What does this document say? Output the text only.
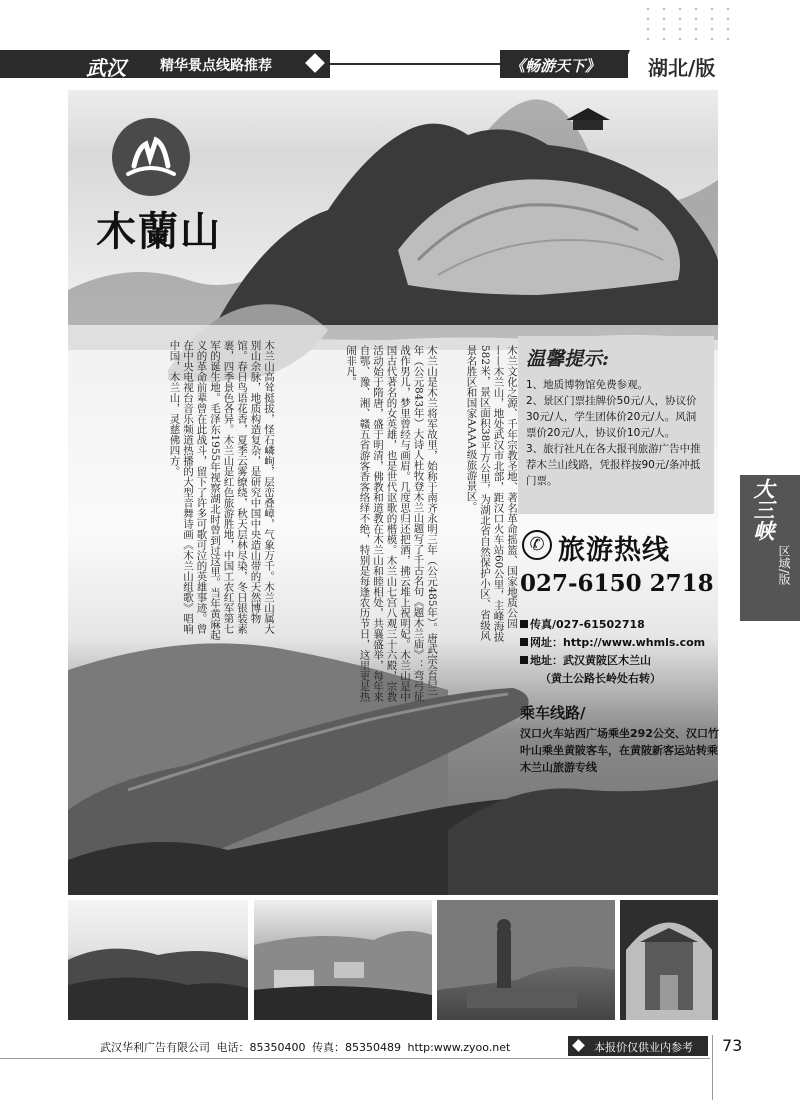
武汉 精华景点线路推荐	《畅游天下》 湖北/版
木蘭山
木兰文化之源、千年宗教圣地、著名革命摇篮、国家地质公园——木兰山，地处武汉市北部，距汉口火车站60公里，主峰海拔582米，景区面积38平方公里，为湖北省自然保护小区、省级风景名胜区和国家AAAA级旅游景区。
木兰山是木兰将军故里，始称于南齐永明三年（公元485年）。唐武宗会昌三年（公元843年）大诗人杜牧登木兰山题写了千古名句《题木兰庙》：弯弓征战作男儿，梦里曾经与画眉。几度思归还把酒，拂云堆上祝明妃。木兰山是中国古代著名的女英雄，也是世代讴歌的楷模。木兰山七宫八观三十六殿，宗教活动始于隋唐，盛于明清，佛教和道教在木兰山和睦相处，共襄盛举，每年来自鄂、豫、湘、赣五省游客香客络绎不绝，特别是每逢农历节日，这里更是热闹非凡。
木兰山高耸挺拔，怪石嶙峋，层峦叠嶂，气象万千。木兰山属大别山余脉，地质构造复杂，是研究中国中央造山带的天然博物馆。春日鸟语花香，夏季云雾缭绕，秋天层林尽染，冬日银装素裹，四季景色各异。木兰山是红色旅游胜地，中国工农红军第七军的诞生地。毛泽东1955年视察湖北时曾到过这里。当年黄麻起义的革命前辈曾在此战斗，留下了许多可歌可泣的英雄事迹。曾在中央电视台音乐频道热播的大型音舞诗画《木兰山组歌》唱响中国，木兰山，灵慈佛四方。	温馨提示:
1、地质博物馆免费参观。
2、景区门票挂牌价50元/人，协议价30元/人，学生团体价20元/人。风洞票价20元/人，协议价10元/人。
3、旅行社凡在各大报刊旅游广告中推荐木兰山线路，凭报样按90元/条冲抵门票。
✆ 旅游热线
027-6150 2718
传真/027-61502718
网址：http://www.whmls.com
地址：武汉黄陂区木兰山
（黄土公路长岭处右转）
乘车线路/
汉口火车站西广场乘坐292公交、汉口竹叶山乘坐黄陂客车，在黄陂新客运站转乘木兰山旅游专线
大三峡
区域/版
武汉华利广告有限公司 电话：85350400 传真：85350489 http:www.zyoo.net	本报价仅供业内参考 73
